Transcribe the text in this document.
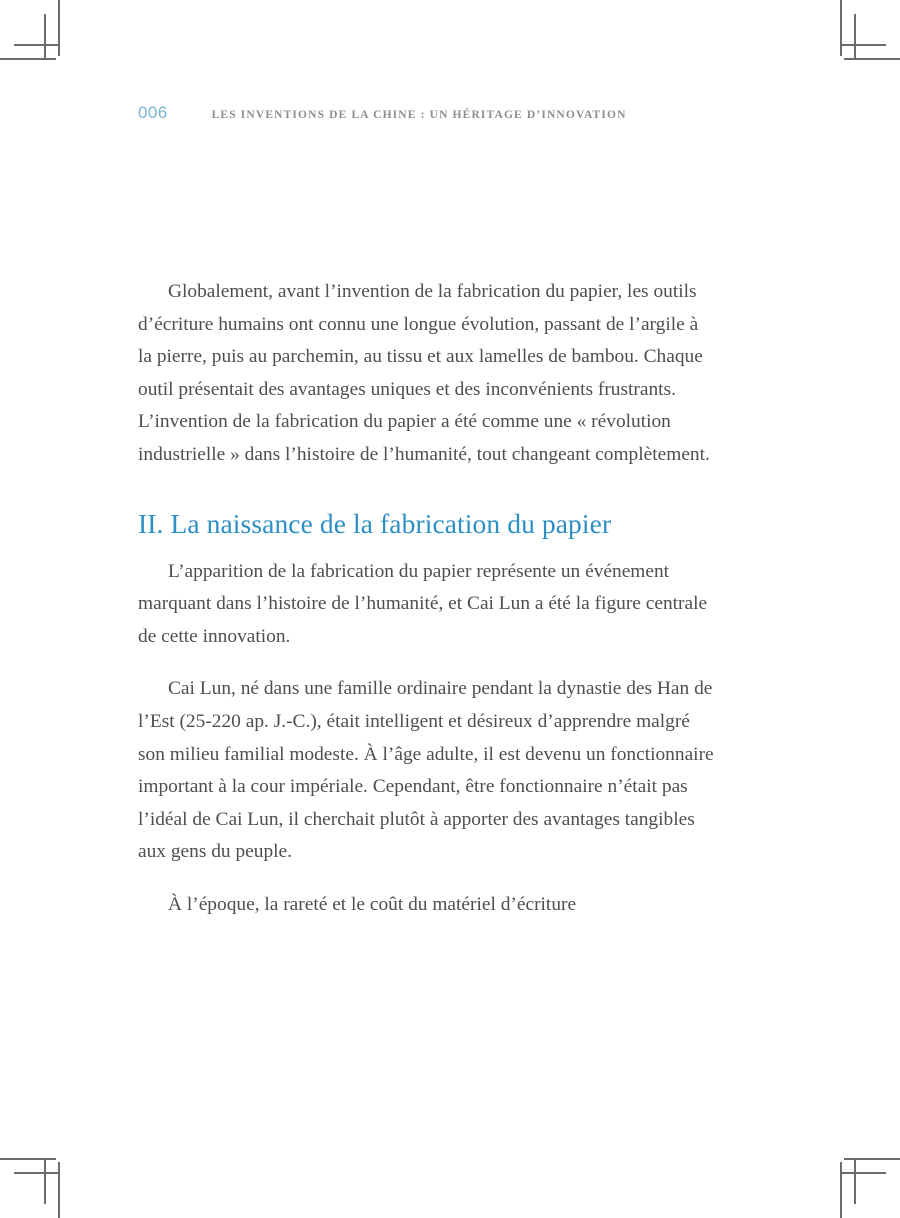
006	LES INVENTIONS DE LA CHINE : UN HÉRITAGE D’INNOVATION

Globalement, avant l’invention de la fabrication du papier, les outils d’écriture humains ont connu une longue évolution, passant de l’argile à la pierre, puis au parchemin, au tissu et aux lamelles de bambou. Chaque outil présentait des avantages uniques et des inconvénients frustrants. L’invention de la fabrication du papier a été comme une « révolution industrielle » dans l’histoire de l’humanité, tout changeant complètement.

II. La naissance de la fabrication du papier

L’apparition de la fabrication du papier représente un événement marquant dans l’histoire de l’humanité, et Cai Lun a été la figure centrale de cette innovation.

Cai Lun, né dans une famille ordinaire pendant la dynastie des Han de l’Est (25-220 ap. J.-C.), était intelligent et désireux d’apprendre malgré son milieu familial modeste. À l’âge adulte, il est devenu un fonctionnaire important à la cour impériale. Cependant, être fonctionnaire n’était pas l’idéal de Cai Lun, il cherchait plutôt à apporter des avantages tangibles aux gens du peuple.

À l’époque, la rareté et le coût du matériel d’écriture
